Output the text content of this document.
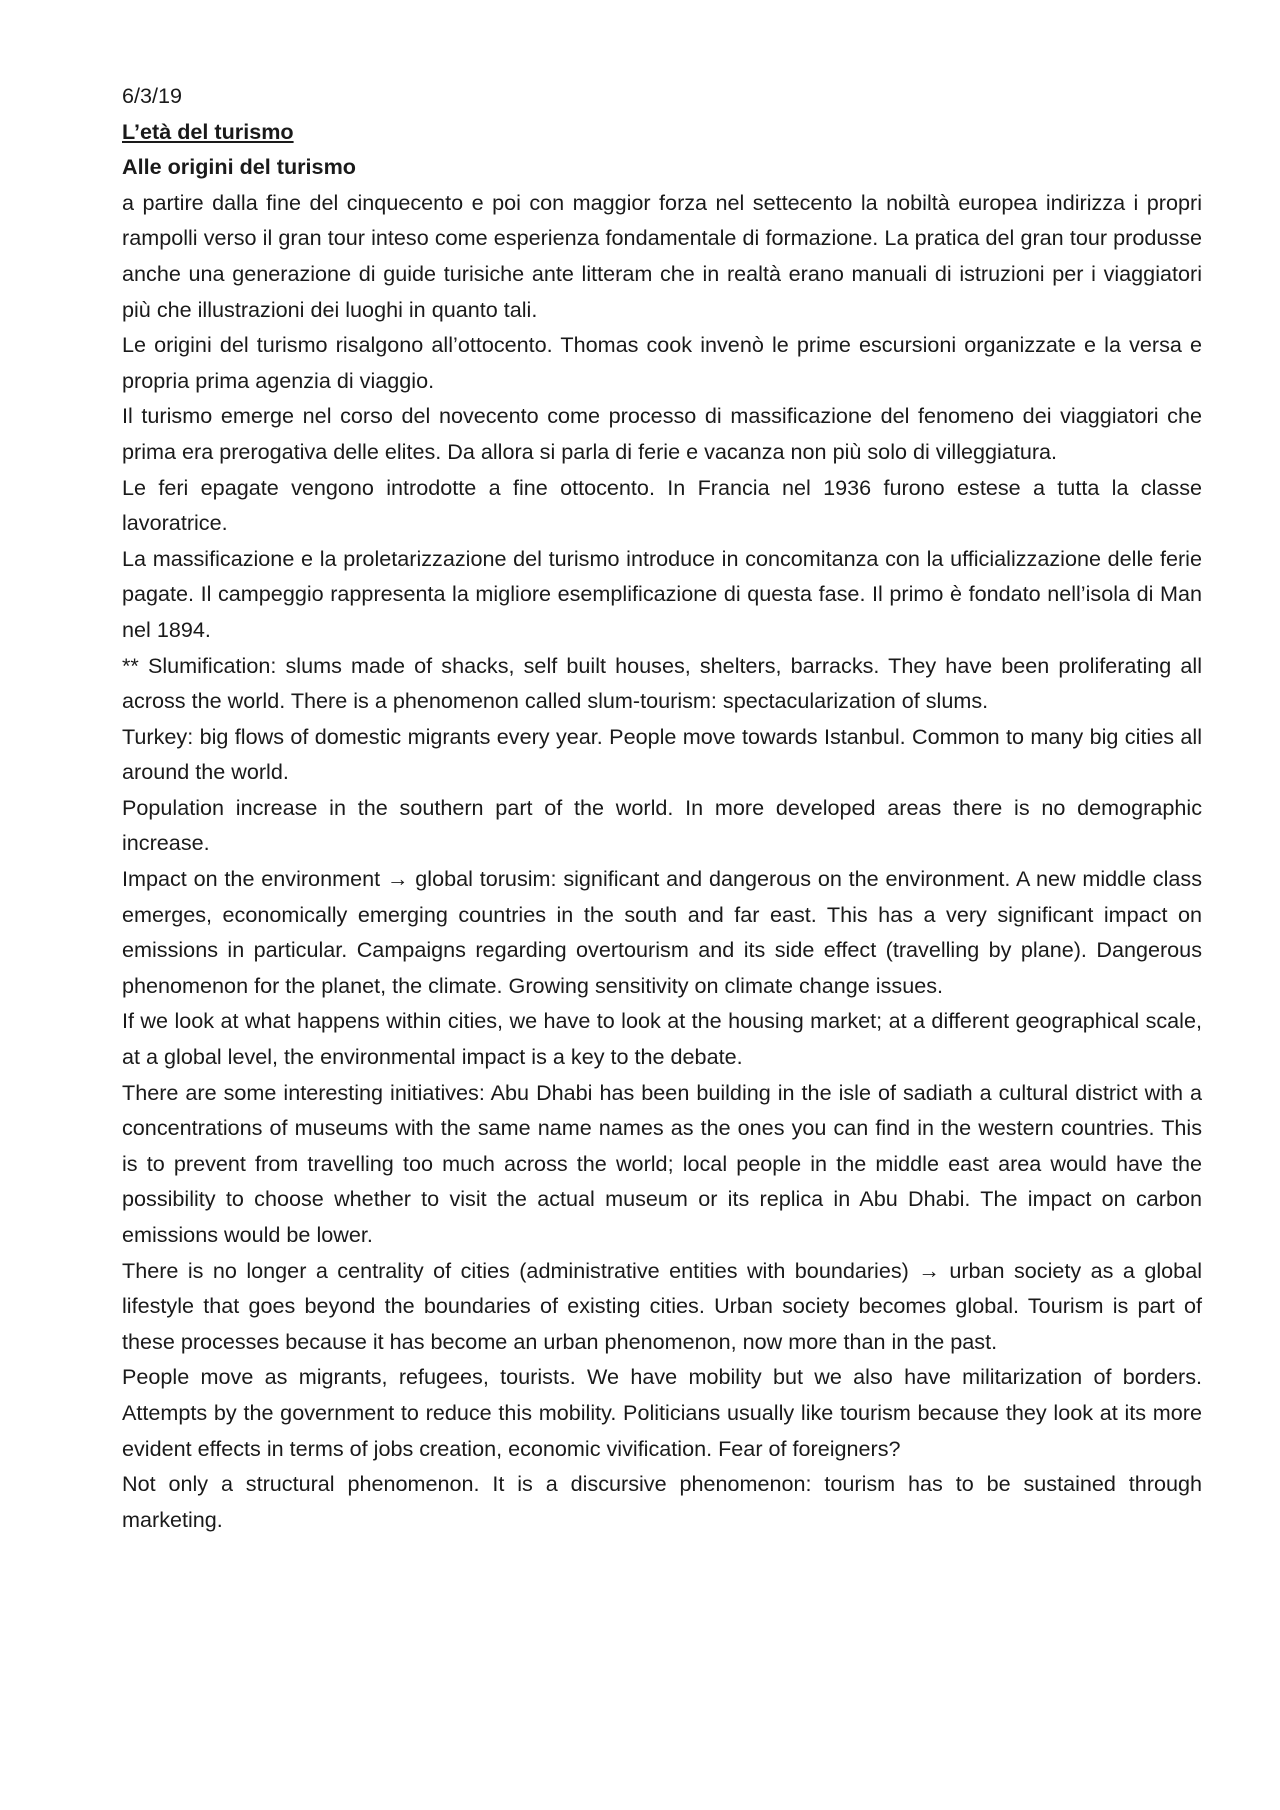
6/3/19

L’età del turismo

Alle origini del turismo

a partire dalla fine del cinquecento e poi con maggior forza nel settecento la nobiltà europea indirizza i propri rampolli verso il gran tour inteso come esperienza fondamentale di formazione. La pratica del gran tour produsse anche una generazione di guide turisiche ante litteram che in realtà erano manuali di istruzioni per i viaggiatori più che illustrazioni dei luoghi in quanto tali.

Le origini del turismo risalgono all’ottocento. Thomas cook invenò le prime escursioni organizzate e la versa e propria prima agenzia di viaggio.

Il turismo emerge nel corso del novecento come processo di massificazione del fenomeno dei viaggiatori che prima era prerogativa delle elites. Da allora si parla di ferie e vacanza non più solo di villeggiatura.

Le feri epagate vengono introdotte a fine ottocento. In Francia nel 1936 furono estese a tutta la classe lavoratrice.

La massificazione e la proletarizzazione del turismo introduce in concomitanza con la ufficializzazione delle ferie pagate. Il campeggio rappresenta la migliore esemplificazione di questa fase. Il primo è fondato nell’isola di Man nel 1894.

** Slumification: slums made of shacks, self built houses, shelters, barracks. They have been proliferating all across the world. There is a phenomenon called slum-tourism: spectacularization of slums.

Turkey: big flows of domestic migrants every year. People move towards Istanbul. Common to many big cities all around the world.

Population increase in the southern part of the world. In more developed areas there is no demographic increase.

Impact on the environment → global torusim: significant and dangerous on the environment. A new middle class emerges, economically emerging countries in the south and far east. This has a very significant impact on emissions in particular. Campaigns regarding overtourism and its side effect (travelling by plane). Dangerous phenomenon for the planet, the climate. Growing sensitivity on climate change issues.

If we look at what happens within cities, we have to look at the housing market; at a different geographical scale, at a global level, the environmental impact is a key to the debate.

There are some interesting initiatives: Abu Dhabi has been building in the isle of sadiath a cultural district with a concentrations of museums with the same name names as the ones you can find in the western countries. This is to prevent from travelling too much across the world; local people in the middle east area would have the possibility to choose whether to visit the actual museum or its replica in Abu Dhabi. The impact on carbon emissions would be lower.

There is no longer a centrality of cities (administrative entities with boundaries) → urban society as a global lifestyle that goes beyond the boundaries of existing cities. Urban society becomes global. Tourism is part of these processes because it has become an urban phenomenon, now more than in the past.

People move as migrants, refugees, tourists. We have mobility but we also have militarization of borders. Attempts by the government to reduce this mobility. Politicians usually like tourism because they look at its more evident effects in terms of jobs creation, economic vivification. Fear of foreigners?

Not only a structural phenomenon. It is a discursive phenomenon: tourism has to be sustained through marketing.
